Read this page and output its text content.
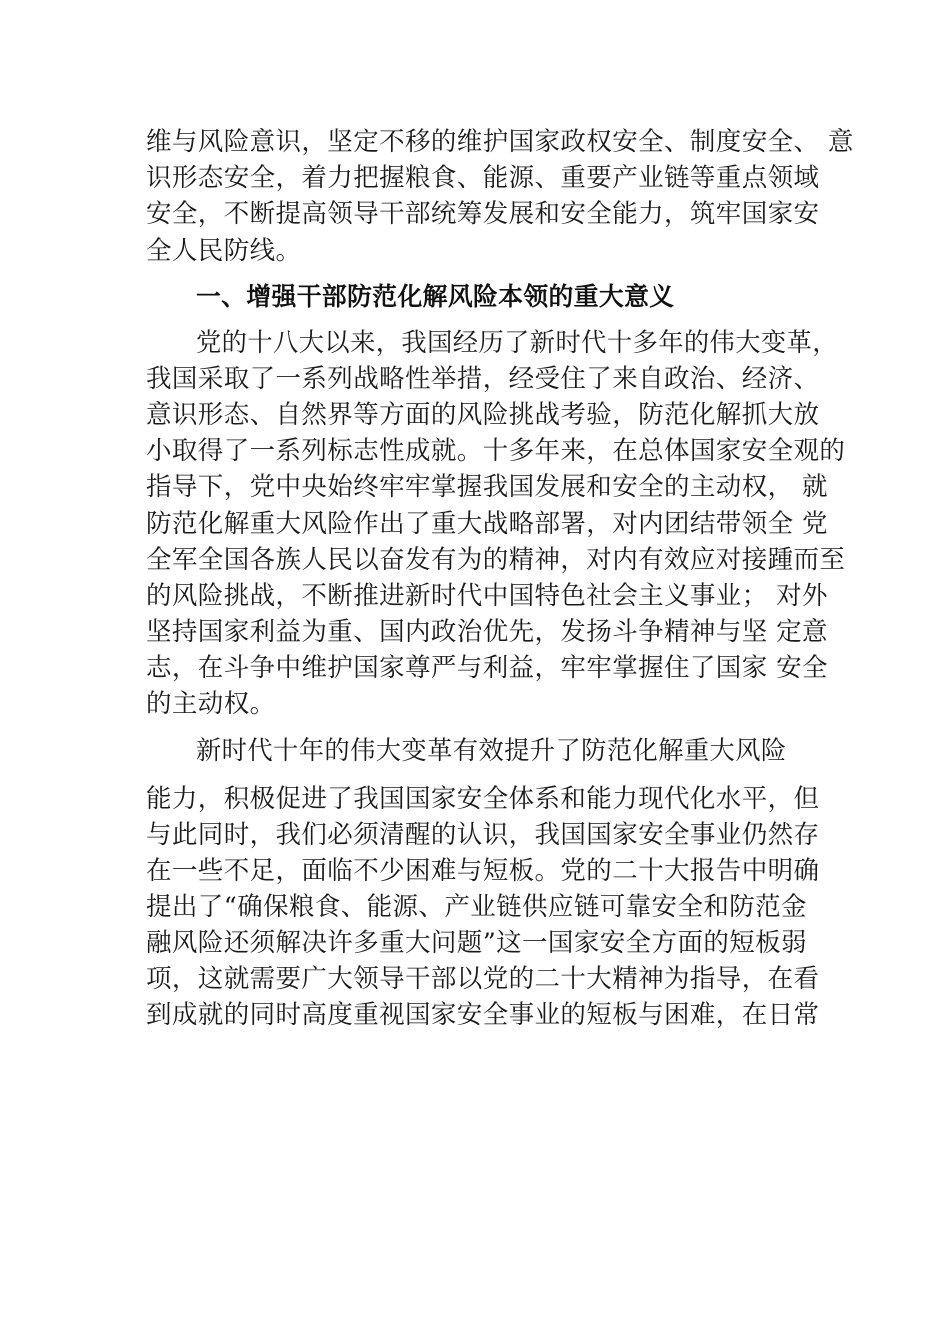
维与风险意识，坚定不移的维护国家政权安全、制度安全、 意

识形态安全，着力把握粮食、能源、重要产业链等重点领域

安全，不断提高领导干部统筹发展和安全能力，筑牢国家安

全人民防线。

一、增强干部防范化解风险本领的重大意义

党的十八大以来，我国经历了新时代十多年的伟大变革，

我国采取了一系列战略性举措，经受住了来自政治、经济、

意识形态、自然界等方面的风险挑战考验，防范化解抓大放

小取得了一系列标志性成就。十多年来，在总体国家安全观的

指导下，党中央始终牢牢掌握我国发展和安全的主动权， 就

防范化解重大风险作出了重大战略部署，对内团结带领全 党

全军全国各族人民以奋发有为的精神，对内有效应对接踵而至

的风险挑战，不断推进新时代中国特色社会主义事业； 对外

坚持国家利益为重、国内政治优先，发扬斗争精神与坚 定意

志，在斗争中维护国家尊严与利益，牢牢掌握住了国家 安全

的主动权。

新时代十年的伟大变革有效提升了防范化解重大风险

能力，积极促进了我国国家安全体系和能力现代化水平，但

与此同时，我们必须清醒的认识，我国国家安全事业仍然存

在一些不足，面临不少困难与短板。党的二十大报告中明确

提出了“确保粮食、能源、产业链供应链可靠安全和防范金

融风险还须解决许多重大问题”这一国家安全方面的短板弱

项，这就需要广大领导干部以党的二十大精神为指导，在看

到成就的同时高度重视国家安全事业的短板与困难，在日常
